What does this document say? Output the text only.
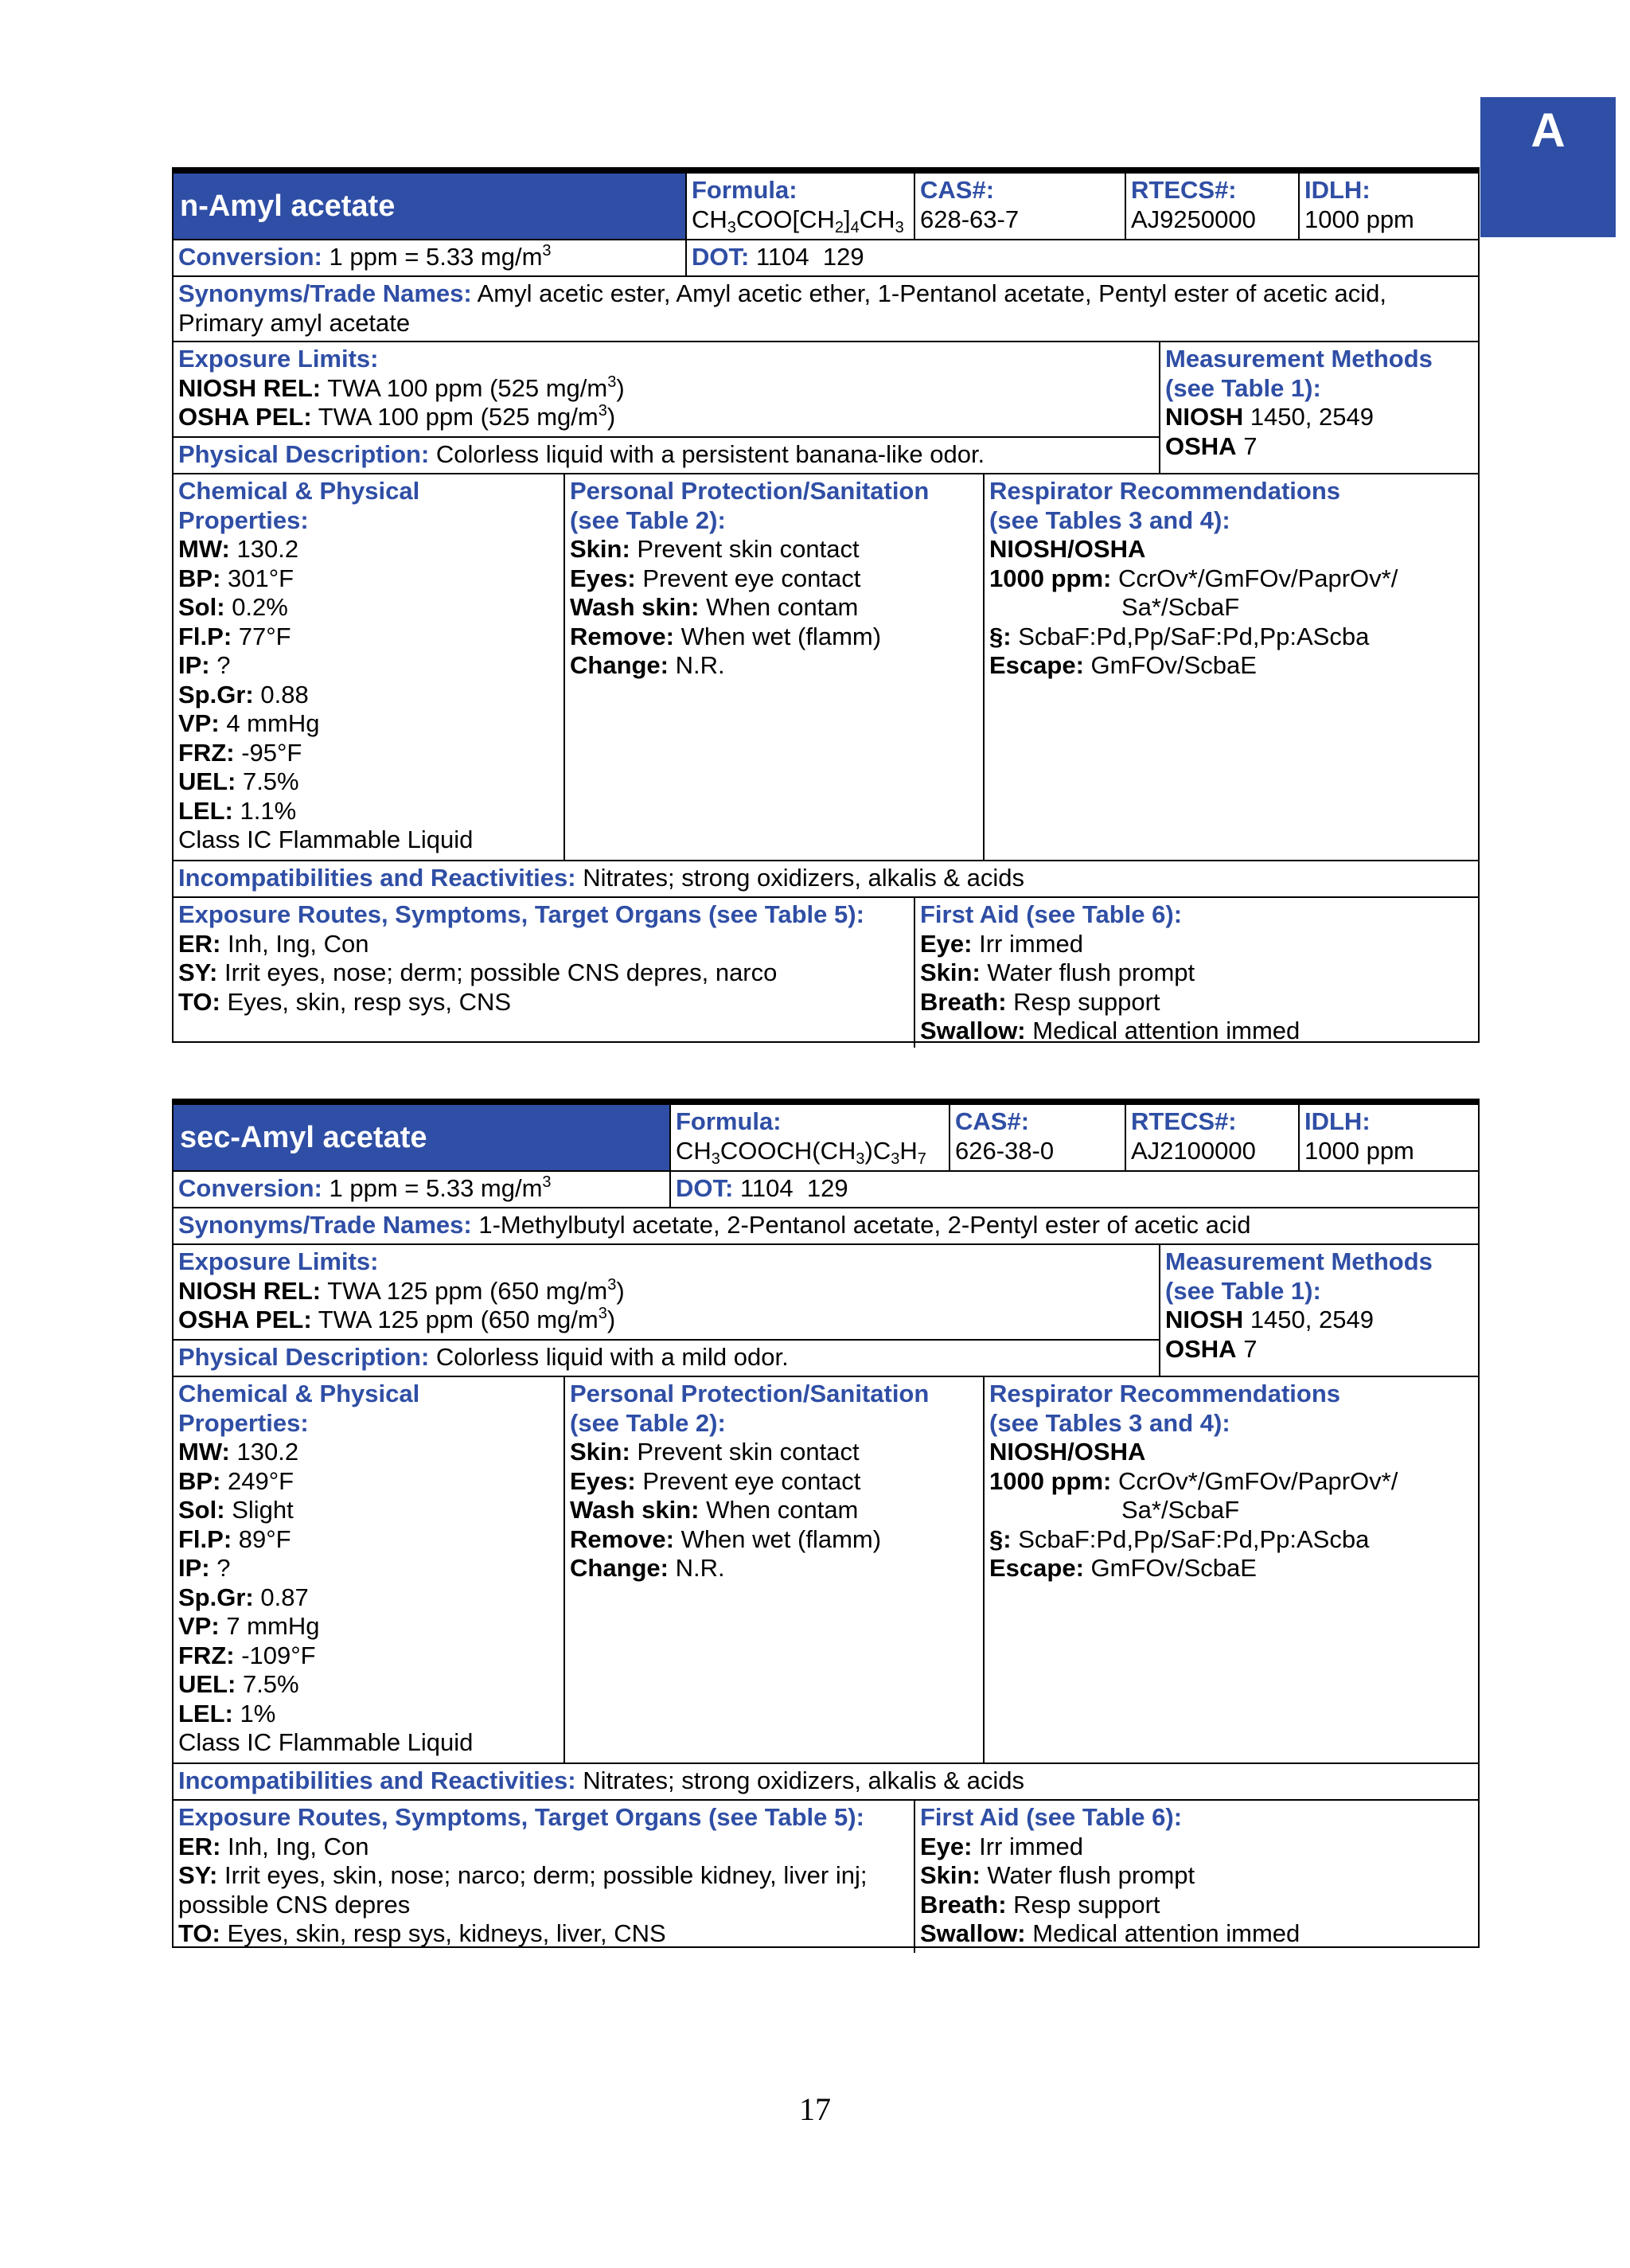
A
n-Amyl acetate	Formula:
$CH_3COO[CH_2]_4CH_3$
CAS#:
628-63-7
RTECS#:
AJ9250000
IDLH:
1000 ppm
Conversion: 1 ppm = 5.33 $mg/m^3$	DOT: 1104  129
Synonyms/Trade Names: Amyl acetic ester, Amyl acetic ether, 1-Pentanol acetate, Pentyl ester of acetic acid,
Primary amyl acetate
Exposure Limits:
NIOSH REL: TWA 100 ppm (525 $mg/m^3$)
OSHA PEL: TWA 100 ppm (525 $mg/m^3$)
Measurement Methods
(see Table 1):
NIOSH 1450, 2549
OSHA 7
Physical Description: Colorless liquid with a persistent banana-like odor.
Chemical & Physical
Properties:
MW: 130.2
BP: 301°F
Sol: 0.2%
Fl.P: 77°F
IP: ?
Sp.Gr: 0.88
VP: 4 mmHg
FRZ: -95°F
UEL: 7.5%
LEL: 1.1%
Class IC Flammable Liquid
Personal Protection/Sanitation
(see Table 2):
Skin: Prevent skin contact
Eyes: Prevent eye contact
Wash skin: When contam
Remove: When wet (flamm)
Change: N.R.
Respirator Recommendations
(see Tables 3 and 4):
NIOSH/OSHA
1000 ppm: CcrOv*/GmFOv/PaprOv*/
Sa*/ScbaF
§: ScbaF:Pd,Pp/SaF:Pd,Pp:AScba
Escape: GmFOv/ScbaE
Incompatibilities and Reactivities: Nitrates; strong oxidizers, alkalis & acids
Exposure Routes, Symptoms, Target Organs (see Table 5):
ER: Inh, Ing, Con
SY: Irrit eyes, nose; derm; possible CNS depres, narco
TO: Eyes, skin, resp sys, CNS
First Aid (see Table 6):
Eye: Irr immed
Skin: Water flush prompt
Breath: Resp support
Swallow: Medical attention immed
sec-Amyl acetate	Formula:
$CH_3COOCH(CH_3)C_3H_7$
CAS#:
626-38-0
RTECS#:
AJ2100000
IDLH:
1000 ppm
Conversion: 1 ppm = 5.33 $mg/m^3$	DOT: 1104  129
Synonyms/Trade Names: 1-Methylbutyl acetate, 2-Pentanol acetate, 2-Pentyl ester of acetic acid
Exposure Limits:
NIOSH REL: TWA 125 ppm (650 $mg/m^3$)
OSHA PEL: TWA 125 ppm (650 $mg/m^3$)
Measurement Methods
(see Table 1):
NIOSH 1450, 2549
OSHA 7
Physical Description: Colorless liquid with a mild odor.
Chemical & Physical
Properties:
MW: 130.2
BP: 249°F
Sol: Slight
Fl.P: 89°F
IP: ?
Sp.Gr: 0.87
VP: 7 mmHg
FRZ: -109°F
UEL: 7.5%
LEL: 1%
Class IC Flammable Liquid
Personal Protection/Sanitation
(see Table 2):
Skin: Prevent skin contact
Eyes: Prevent eye contact
Wash skin: When contam
Remove: When wet (flamm)
Change: N.R.
Respirator Recommendations
(see Tables 3 and 4):
NIOSH/OSHA
1000 ppm: CcrOv*/GmFOv/PaprOv*/
Sa*/ScbaF
§: ScbaF:Pd,Pp/SaF:Pd,Pp:AScba
Escape: GmFOv/ScbaE
Incompatibilities and Reactivities: Nitrates; strong oxidizers, alkalis & acids
Exposure Routes, Symptoms, Target Organs (see Table 5):
ER: Inh, Ing, Con
SY: Irrit eyes, skin, nose; narco; derm; possible kidney, liver inj;
possible CNS depres
TO: Eyes, skin, resp sys, kidneys, liver, CNS
First Aid (see Table 6):
Eye: Irr immed
Skin: Water flush prompt
Breath: Resp support
Swallow: Medical attention immed
17
